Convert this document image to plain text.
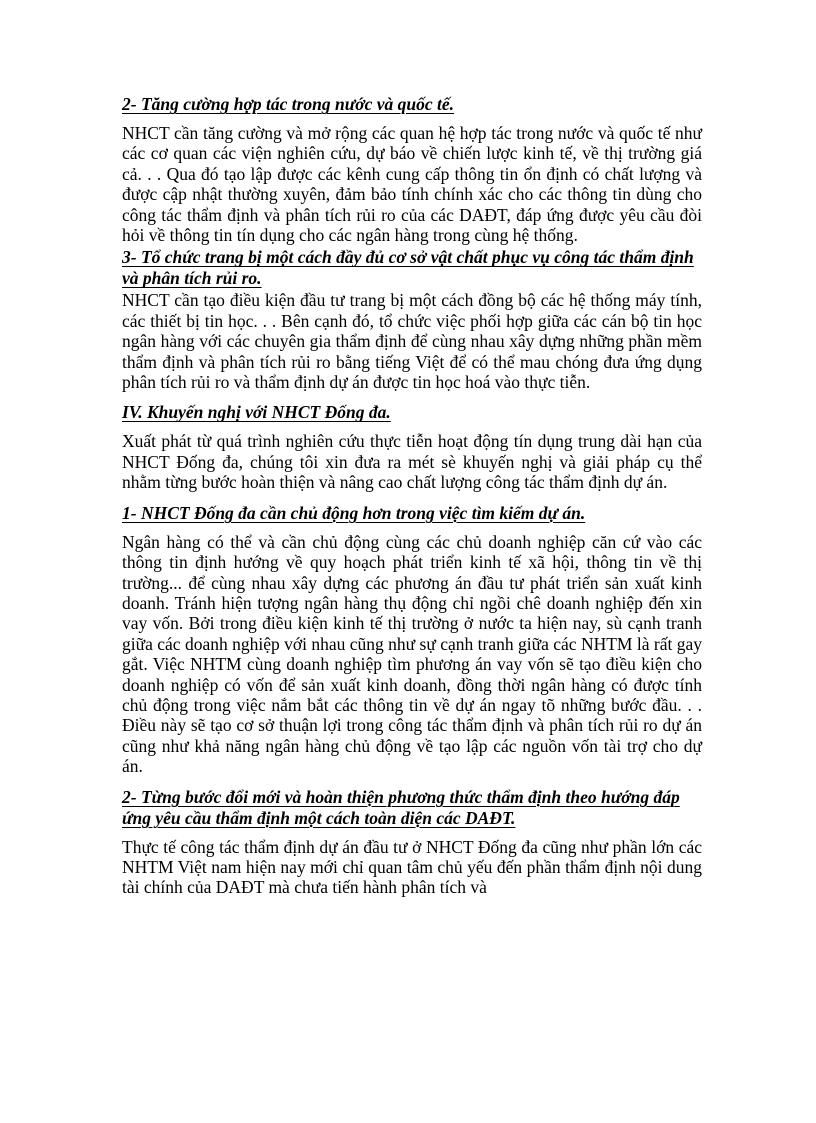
2- Tăng cường hợp tác trong nước và quốc tế.

NHCT cần tăng cường và mở rộng các quan hệ hợp tác trong nước và quốc tế như các cơ quan các viện nghiên cứu, dự báo về chiến lược kinh tế, về thị trường giá cả. . . Qua đó tạo lập được các kênh cung cấp thông tin ổn định có chất lượng và được cập nhật thường xuyên, đảm bảo tính chính xác cho các thông tin dùng cho công tác thẩm định và phân tích rủi ro của các DAĐT, đáp ứng được yêu cầu đòi hỏi về thông tin tín dụng cho các ngân hàng trong cùng hệ thống.

3- Tổ chức trang bị một cách đầy đủ cơ sở vật chất phục vụ công tác thẩm định và phân tích rủi ro.

NHCT cần tạo điều kiện đầu tư trang bị một cách đồng bộ các hệ thống máy tính, các thiết bị tin học. . . Bên cạnh đó, tổ chức việc phối hợp giữa các cán bộ tin học ngân hàng với các chuyên gia thẩm định để cùng nhau xây dựng những phần mềm thẩm định và phân tích rủi ro bằng tiếng Việt để có thể mau chóng đưa ứng dụng phân tích rủi ro và thẩm định dự án được tin học hoá vào thực tiễn.

IV. Khuyến nghị với NHCT Đống đa.

Xuất phát từ quá trình nghiên cứu thực tiễn hoạt động tín dụng trung dài hạn của NHCT Đống đa, chúng tôi xin đưa ra mét sè khuyến nghị và giải pháp cụ thể nhằm từng bước hoàn thiện và nâng cao chất lượng công tác thẩm định dự án.

1- NHCT Đống đa cần chủ động hơn trong việc tìm kiếm dự án.

Ngân hàng có thể và cần chủ động cùng các chủ doanh nghiệp căn cứ vào các thông tin định hướng về quy hoạch phát triển kinh tế xã hội, thông tin về thị trường... để cùng nhau xây dựng các phương án đầu tư phát triển sản xuất kinh doanh. Tránh hiện tượng ngân hàng thụ động chỉ ngồi chê doanh nghiệp đến xin vay vốn. Bởi trong điều kiện kinh tế thị trường ở nước ta hiện nay, sù cạnh tranh giữa các doanh nghiệp với nhau cũng như sự cạnh tranh giữa các NHTM là rất gay gắt. Việc NHTM cùng doanh nghiệp tìm phương án vay vốn sẽ tạo điều kiện cho doanh nghiệp có vốn để sản xuất kinh doanh, đồng thời ngân hàng có được tính chủ động trong việc nắm bắt các thông tin về dự án ngay tõ những bước đầu. . . Điều này sẽ tạo cơ sở thuận lợi trong công tác thẩm định và phân tích rủi ro dự án cũng như khả năng ngân hàng chủ động về tạo lập các nguồn vốn tài trợ cho dự án.

2- Từng bước đổi mới và hoàn thiện phương thức thẩm định theo hướng đáp ứng yêu cầu thẩm định một cách toàn diện các DAĐT.

Thực tế công tác thẩm định dự án đầu tư ở NHCT Đống đa cũng như phần lớn các NHTM Việt nam hiện nay mới chỉ quan tâm chủ yếu đến phần thẩm định nội dung tài chính của DAĐT mà chưa tiến hành phân tích và
